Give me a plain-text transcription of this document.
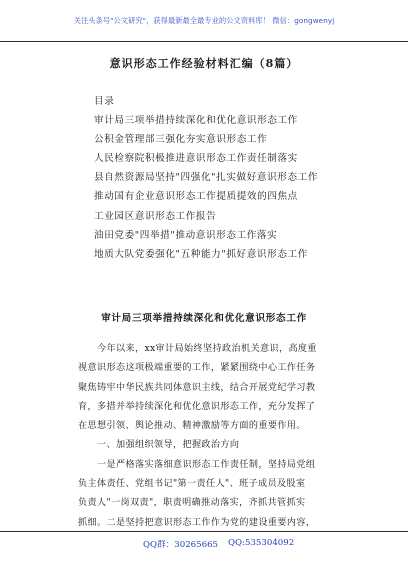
关注头条号"公文研究"，获得最新最全最专业的公文资料库！ 微信：gongwenyj
意识形态工作经验材料汇编（8篇）
目录
审计局三项举措持续深化和优化意识形态工作
公积金管理部三强化夯实意识形态工作
人民检察院积极推进意识形态工作责任制落实
县自然资源局坚持"四强化"扎实做好意识形态工作
推动国有企业意识形态工作提质提效的四焦点
工业园区意识形态工作报告
油田党委"四举措"推动意识形态工作落实
地质大队党委强化"五种能力"抓好意识形态工作
审计局三项举措持续深化和优化意识形态工作
今年以来，xx审计局始终坚持政治机关意识，高度重
视意识形态这项极端重要的工作，紧紧围绕中心工作任务
聚焦铸牢中华民族共同体意识主线，结合开展党纪学习教
育，多措并举持续深化和优化意识形态工作，充分发挥了
在思想引领、舆论推动、精神激励等方面的重要作用。
一、加强组织领导，把握政治方向
一是严格落实落细意识形态工作责任制，坚持局党组
负主体责任、党组书记"第一责任人"、班子成员及股室
负责人"一岗双责"，职责明确推动落实，齐抓共管抓实
抓细。二是坚持把意识形态工作作为党的建设重要内容，
QQ群：30265665 QQ:535304092
